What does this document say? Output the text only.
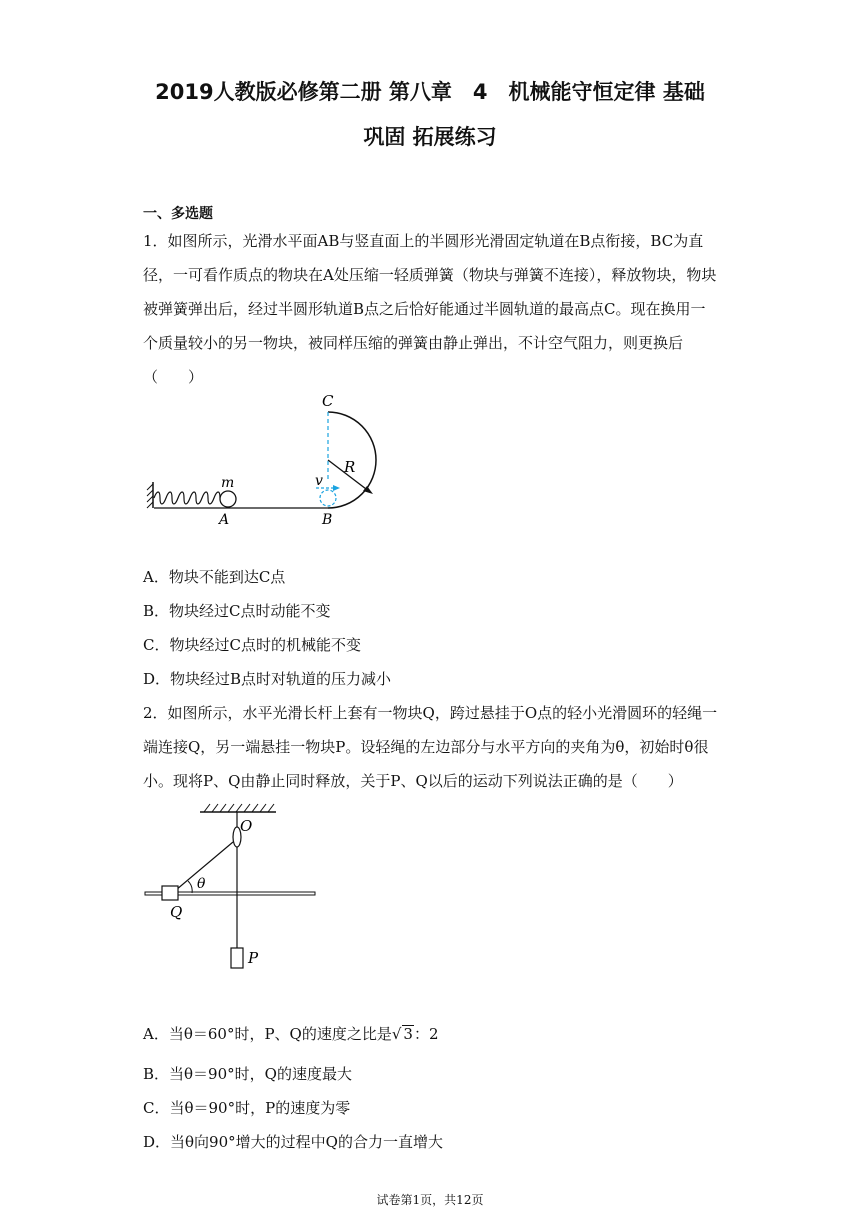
2019人教版必修第二册 第八章　4　机械能守恒定律 基础
巩固 拓展练习
一、多选题
1．如图所示，光滑水平面AB与竖直面上的半圆形光滑固定轨道在B点衔接，BC为直径，一可看作质点的物块在A处压缩一轻质弹簧（物块与弹簧不连接），释放物块，物块被弹簧弹出后，经过半圆形轨道B点之后恰好能通过半圆轨道的最高点C。现在换用一个质量较小的另一物块，被同样压缩的弹簧由静止弹出，不计空气阻力，则更换后（　　）
C
R
m	v
A	B
A．物块不能到达C点
B．物块经过C点时动能不变
C．物块经过C点时的机械能不变
D．物块经过B点时对轨道的压力减小
2．如图所示，水平光滑长杆上套有一物块Q，跨过悬挂于O点的轻小光滑圆环的轻绳一端连接Q，另一端悬挂一物块P。设轻绳的左边部分与水平方向的夹角为θ，初始时θ很小。现将P、Q由静止同时释放，关于P、Q以后的运动下列说法正确的是（　　）
O
θ
Q
P
A．当θ＝60°时，P、Q的速度之比是√ 3：2
B．当θ＝90°时，Q的速度最大
C．当θ＝90°时，P的速度为零
D．当θ向90°增大的过程中Q的合力一直增大
试卷第1页，共12页
